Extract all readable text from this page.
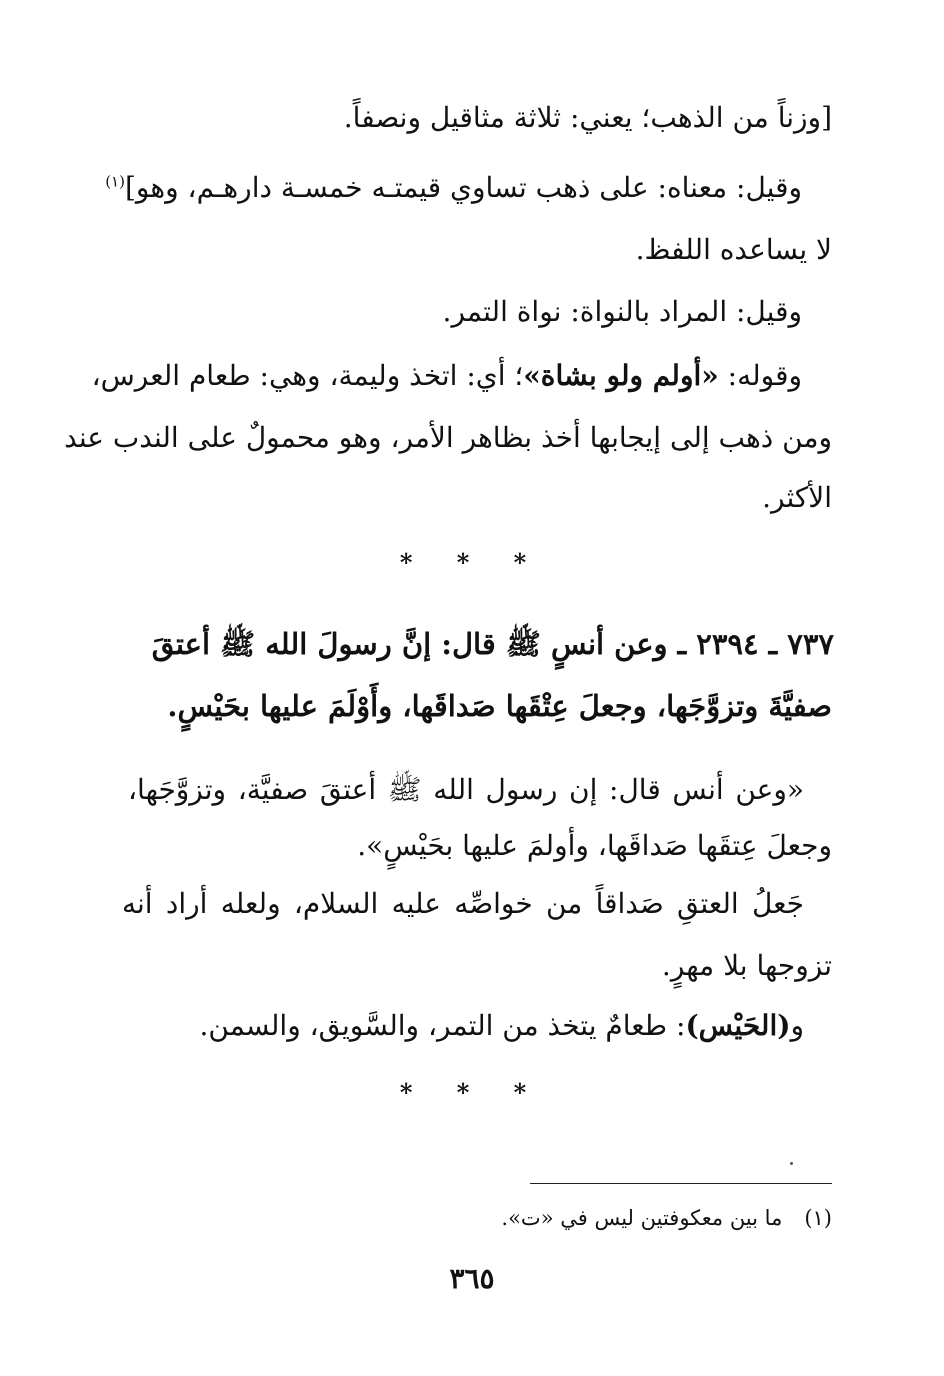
[وزناً من الذهب؛ يعني: ثلاثة مثاقيل ونصفاً.
وقيل: معناه: على ذهب تساوي قيمتـه خمسـة دارهـم، وهو]$^{(١)}$
لا يساعده اللفظ.
وقيل: المراد بالنواة: نواة التمر.
وقوله: «أولم ولو بشاة»؛ أي: اتخذ وليمة، وهي: طعام العرس،
ومن ذهب إلى إيجابها أخذ بظاهر الأمر، وهو محمولٌ على الندب عند
الأكثر.
* * *
٧٣٧ ـ ٢٣٩٤ ـ وعن أنسٍ ﷺ قال: إنَّ رسولَ الله ﷺ أعتقَ
صفيَّةَ وتزوَّجَها، وجعلَ عِتْقَها صَداقَها، وأَوْلَمَ عليها بحَيْسٍ.
«وعن أنس قال: إن رسول الله ﷺ أعتقَ صفيَّة، وتزوَّجَها،
وجعلَ عِتقَها صَداقَها، وأولمَ عليها بحَيْسٍ».
جَعلُ العتقِ صَداقاً من خواصِّه عليه السلام، ولعله أراد أنه
تزوجها بلا مهرٍ.
و(الحَيْس): طعامٌ يتخذ من التمر، والسَّويق، والسمن.
* * *
(١)ما بين معكوفتين ليس في «ت».
٣٦٥
